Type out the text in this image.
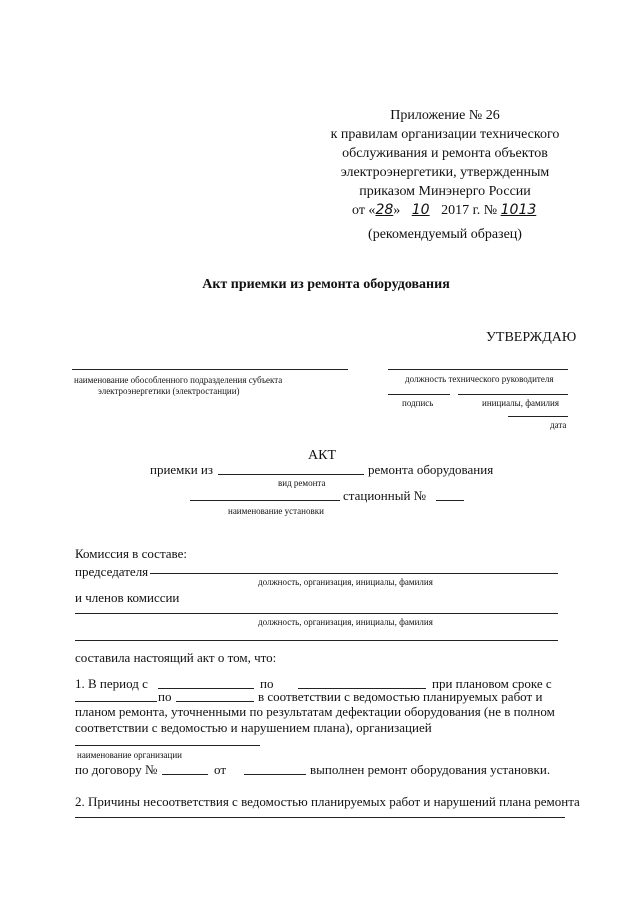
Приложение № 26
к правилам организации технического
обслуживания и ремонта объектов
электроэнергетики, утвержденным
приказом Минэнерго России
от «28» 10 2017 г. № 1013
(рекомендуемый образец)
Акт приемки из ремонта оборудования
УТВЕРЖДАЮ
наименование обособленного подразделения субъекта
электроэнергетики (электростанции)
должность технического руководителя
подпись	инициалы, фамилия
дата
АКТ
приемки из	ремонта оборудования
вид ремонта
стационный №
наименование установки
Комиссия в составе:
председателя
должность, организация, инициалы, фамилия
и членов комиссии
должность, организация, инициалы, фамилия
составила настоящий акт о том, что:
1. В период с	по	при плановом сроке с
по	в соответствии с ведомостью планируемых работ и
планом ремонта, уточненными по результатам дефектации оборудования (не в полном
соответствии с ведомостью и нарушением плана), организацией
наименование организации
по договору №	от	выполнен ремонт оборудования установки.
2. Причины несоответствия с ведомостью планируемых работ и нарушений плана ремонта
